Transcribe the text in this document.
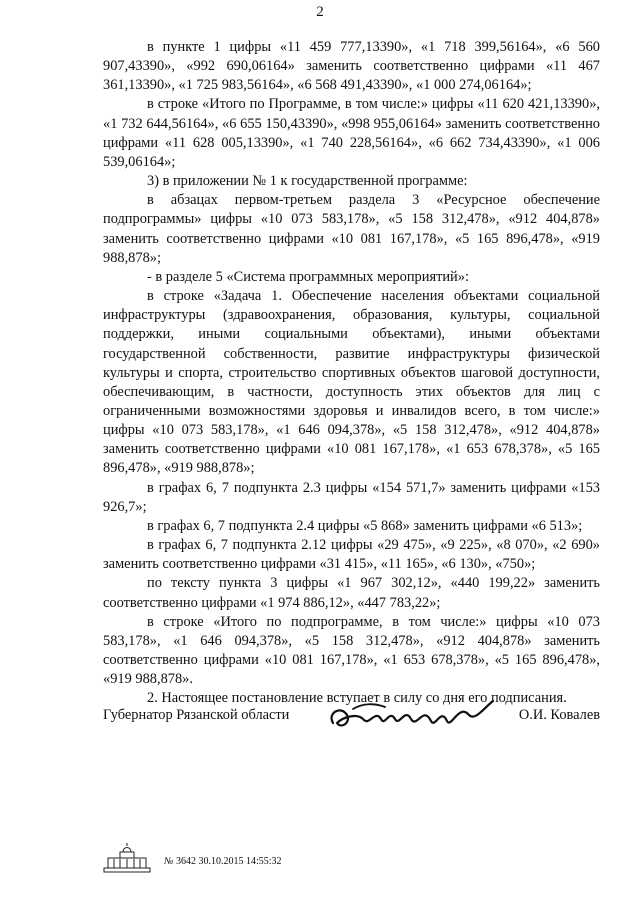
2

в пункте 1 цифры «11 459 777,13390», «1 718 399,56164», «6 560 907,43390», «992 690,06164» заменить соответственно цифрами «11 467 361,13390», «1 725 983,56164», «6 568 491,43390», «1 000 274,06164»;

в строке «Итого по Программе, в том числе:» цифры «11 620 421,13390», «1 732 644,56164», «6 655 150,43390», «998 955,06164» заменить соответственно цифрами «11 628 005,13390», «1 740 228,56164», «6 662 734,43390», «1 006 539,06164»;

3) в приложении № 1 к государственной программе:

в абзацах первом-третьем раздела 3 «Ресурсное обеспечение подпрограммы» цифры «10 073 583,178», «5 158 312,478», «912 404,878» заменить соответственно цифрами «10 081 167,178», «5 165 896,478», «919 988,878»;

- в разделе 5 «Система программных мероприятий»:

в строке «Задача 1. Обеспечение населения объектами социальной инфраструктуры (здравоохранения, образования, культуры, социальной поддержки, иными социальными объектами), иными объектами государственной собственности, развитие инфраструктуры физической культуры и спорта, строительство спортивных объектов шаговой доступности, обеспечивающим, в частности, доступность этих объектов для лиц с ограниченными возможностями здоровья и инвалидов всего, в том числе:» цифры «10 073 583,178», «1 646 094,378», «5 158 312,478», «912 404,878» заменить соответственно цифрами «10 081 167,178», «1 653 678,378», «5 165 896,478», «919 988,878»;

в графах 6, 7 подпункта 2.3 цифры «154 571,7» заменить цифрами «153 926,7»;

в графах 6, 7 подпункта 2.4 цифры «5 868» заменить цифрами «6 513»;

в графах 6, 7 подпункта 2.12 цифры «29 475», «9 225», «8 070», «2 690» заменить соответственно цифрами «31 415», «11 165», «6 130», «750»;

по тексту пункта 3 цифры «1 967 302,12», «440 199,22» заменить соответственно цифрами «1 974 886,12», «447 783,22»;

в строке «Итого по подпрограмме, в том числе:» цифры «10 073 583,178», «1 646 094,378», «5 158 312,478», «912 404,878» заменить соответственно цифрами «10 081 167,178», «1 653 678,378», «5 165 896,478», «919 988,878».

2. Настоящее постановление вступает в силу со дня его подписания.

Губернатор Рязанской области	О.И. Ковалев
№ 3642 30.10.2015 14:55:32
